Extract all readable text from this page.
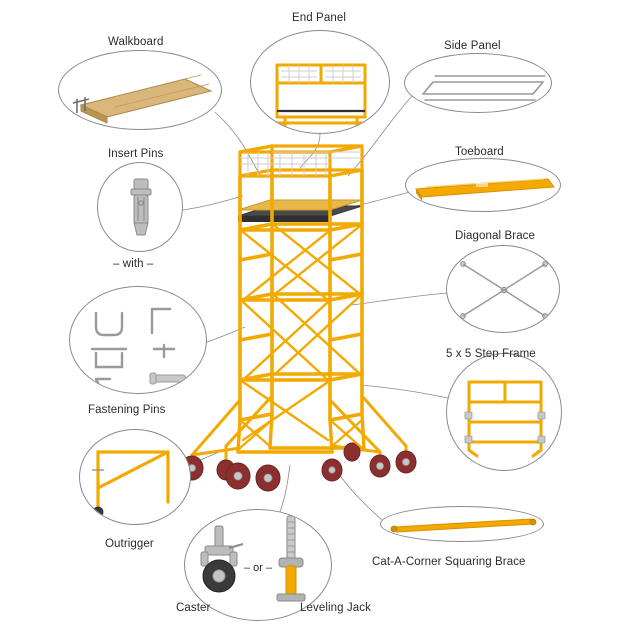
Walkboard
End Panel
Side Panel
Insert Pins
– with –
Toeboard
Diagonal Brace
Fastening Pins
5 x 5 Step Frame
Outrigger
– or –
Caster	Leveling Jack
Cat-A-Corner Squaring Brace
